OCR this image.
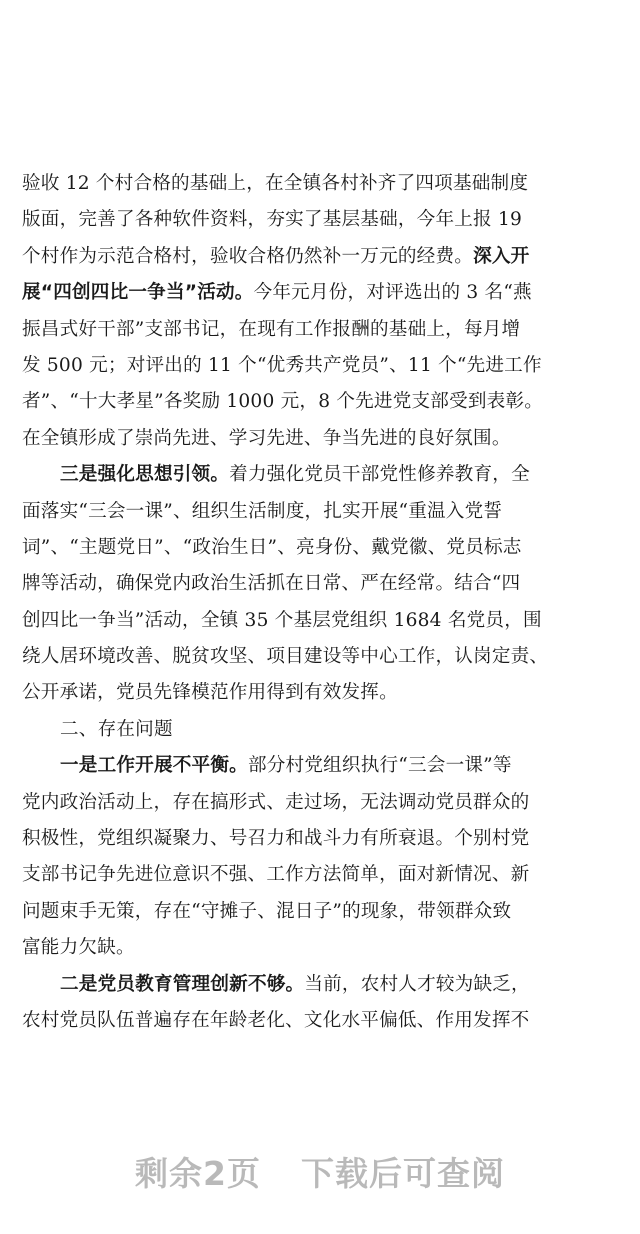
验收 12 个村合格的基础上，在全镇各村补齐了四项基础制度
版面，完善了各种软件资料，夯实了基层基础，今年上报 19
个村作为示范合格村，验收合格仍然补一万元的经费。深入开
展“四创四比一争当”活动。今年元月份，对评选出的 3 名“燕
振昌式好干部”支部书记，在现有工作报酬的基础上，每月增
发 500 元；对评出的 11 个“优秀共产党员”、11 个“先进工作
者”、“十大孝星”各奖励 1000 元，8 个先进党支部受到表彰。
在全镇形成了崇尚先进、学习先进、争当先进的良好氛围。
三是强化思想引领。着力强化党员干部党性修养教育，全
面落实“三会一课”、组织生活制度，扎实开展“重温入党誓
词”、“主题党日”、“政治生日”、亮身份、戴党徽、党员标志
牌等活动，确保党内政治生活抓在日常、严在经常。结合“四
创四比一争当”活动，全镇 35 个基层党组织 1684 名党员，围
绕人居环境改善、脱贫攻坚、项目建设等中心工作，认岗定责、
公开承诺，党员先锋模范作用得到有效发挥。
二、存在问题
一是工作开展不平衡。部分村党组织执行“三会一课”等
党内政治活动上，存在搞形式、走过场，无法调动党员群众的
积极性，党组织凝聚力、号召力和战斗力有所衰退。个别村党
支部书记争先进位意识不强、工作方法简单，面对新情况、新
问题束手无策，存在“守摊子、混日子”的现象，带领群众致
富能力欠缺。
二是党员教育管理创新不够。当前，农村人才较为缺乏，
农村党员队伍普遍存在年龄老化、文化水平偏低、作用发挥不
剩余2页 下载后可查阅
